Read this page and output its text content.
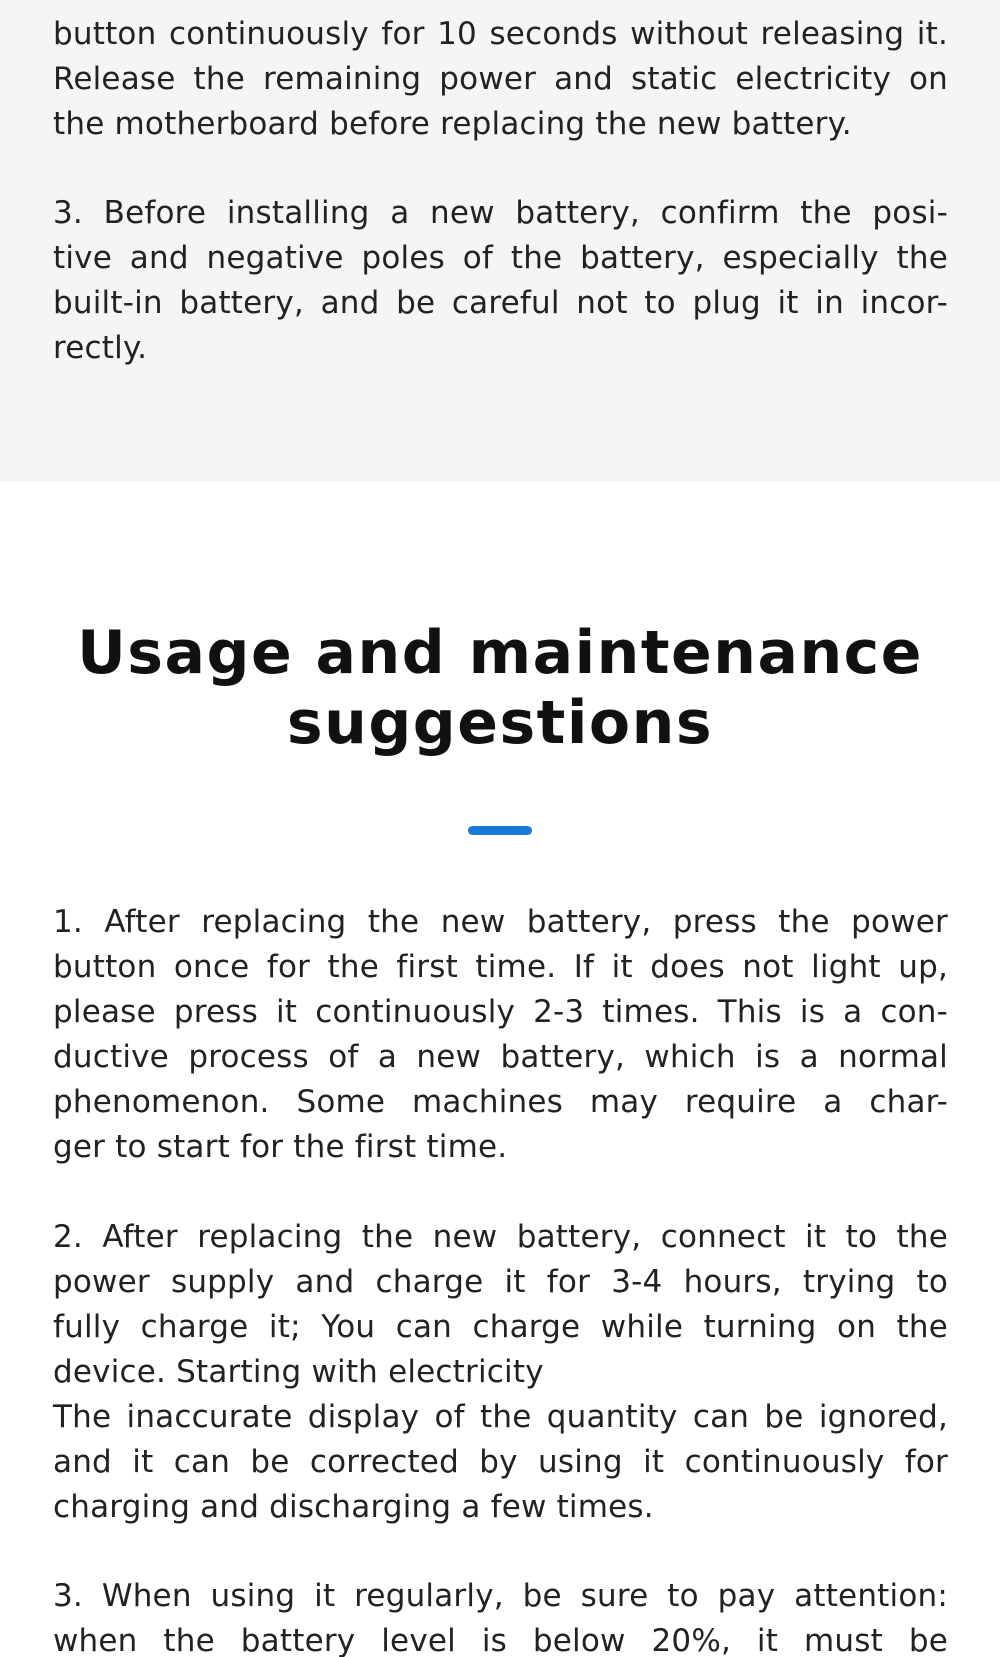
button continuously for 10 seconds without releasing it.
Release the remaining power and static electricity on
the motherboard before replacing the new battery.
3. Before installing a new battery, confirm the posi-
tive and negative poles of the battery, especially the
built-in battery, and be careful not to plug it in incor-
rectly.
Usage and maintenance suggestions
1. After replacing the new battery, press the power
button once for the first time. If it does not light up,
please press it continuously 2-3 times. This is a con-
ductive process of a new battery, which is a normal
phenomenon. Some machines may require a char-
ger to start for the first time.
2. After replacing the new battery, connect it to the
power supply and charge it for 3-4 hours, trying to
fully charge it; You can charge while turning on the
device. Starting with electricity
The inaccurate display of the quantity can be ignored,
and it can be corrected by using it continuously for
charging and discharging a few times.
3. When using it regularly, be sure to pay attention:
when the battery level is below 20%, it must be
